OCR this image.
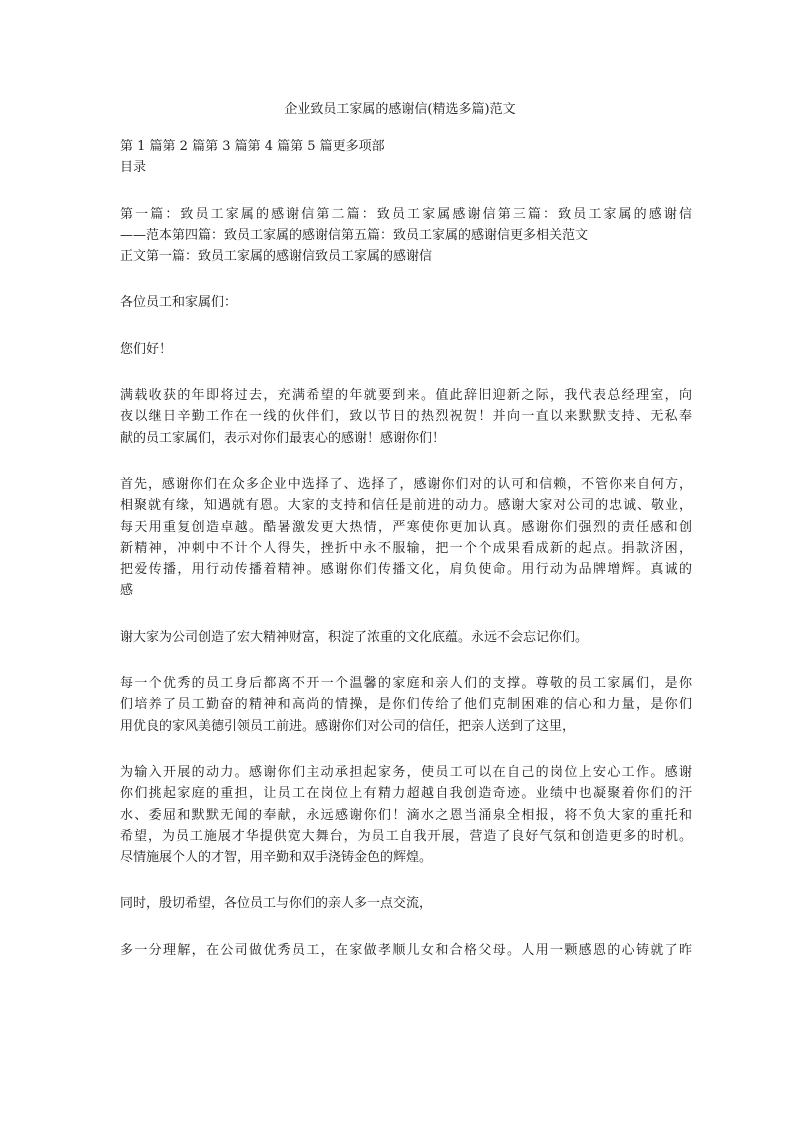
企业致员工家属的感谢信(精选多篇)范文
第 1 篇第 2 篇第 3 篇第 4 篇第 5 篇更多项部
目录
第一篇：致员工家属的感谢信第二篇：致员工家属感谢信第三篇：致员工家属的感谢信
——范本第四篇：致员工家属的感谢信第五篇：致员工家属的感谢信更多相关范文
正文第一篇：致员工家属的感谢信致员工家属的感谢信
各位员工和家属们：
您们好！
满载收获的年即将过去，充满希望的年就要到来。值此辞旧迎新之际，我代表总经理室，向
夜以继日辛勤工作在一线的伙伴们，致以节日的热烈祝贺！并向一直以来默默支持、无私奉
献的员工家属们，表示对你们最衷心的感谢！感谢你们！
首先，感谢你们在众多企业中选择了、选择了，感谢你们对的认可和信赖，不管你来自何方，
相聚就有缘，知遇就有恩。大家的支持和信任是前进的动力。感谢大家对公司的忠诚、敬业，
每天用重复创造卓越。酷暑激发更大热情，严寒使你更加认真。感谢你们强烈的责任感和创
新精神，冲刺中不计个人得失，挫折中永不服输，把一个个成果看成新的起点。捐款济困，
把爱传播，用行动传播着精神。感谢你们传播文化，肩负使命。用行动为品牌增辉。真诚的
感
谢大家为公司创造了宏大精神财富，积淀了浓重的文化底蕴。永远不会忘记你们。
每一个优秀的员工身后都离不开一个温馨的家庭和亲人们的支撑。尊敬的员工家属们，是你
们培养了员工勤奋的精神和高尚的情操，是你们传给了他们克制困难的信心和力量，是你们
用优良的家风美德引领员工前进。感谢你们对公司的信任，把亲人送到了这里，
为输入开展的动力。感谢你们主动承担起家务，使员工可以在自己的岗位上安心工作。感谢
你们挑起家庭的重担，让员工在岗位上有精力超越自我创造奇迹。业绩中也凝聚着你们的汗
水、委屈和默默无闻的奉献，永远感谢你们！滴水之恩当涌泉全相报，将不负大家的重托和
希望，为员工施展才华提供宽大舞台，为员工自我开展，营造了良好气氛和创造更多的时机。
尽情施展个人的才智，用辛勤和双手浇铸金色的辉煌。
同时，殷切希望，各位员工与你们的亲人多一点交流，
多一分理解，在公司做优秀员工，在家做孝顺儿女和合格父母。人用一颗感恩的心铸就了昨
